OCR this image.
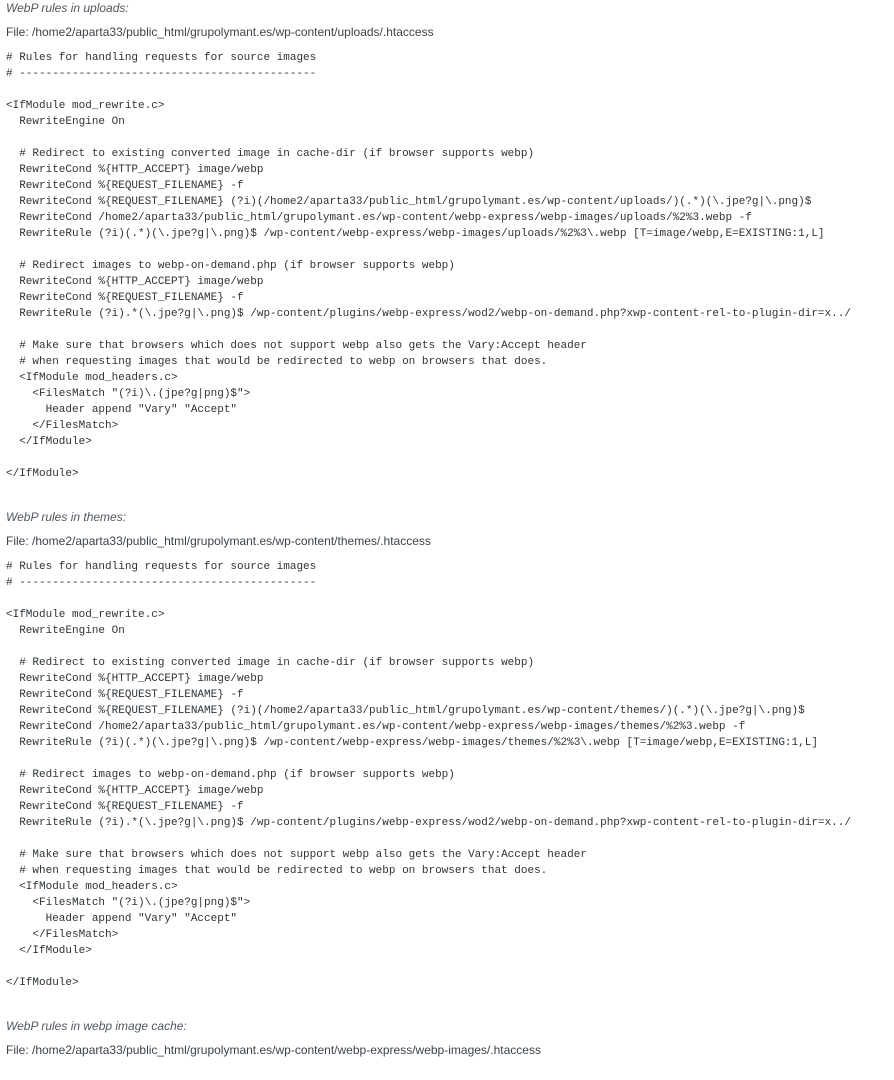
WebP rules in uploads:

File: /home2/aparta33/public_html/grupolymant.es/wp-content/uploads/.htaccess

# Rules for handling requests for source images
# ---------------------------------------------

<IfModule mod_rewrite.c>
RewriteEngine On

# Redirect to existing converted image in cache-dir (if browser supports webp)
RewriteCond %{HTTP_ACCEPT} image/webp
RewriteCond %{REQUEST_FILENAME} -f
RewriteCond %{REQUEST_FILENAME} (?i)(/home2/aparta33/public_html/grupolymant.es/wp-content/uploads/)(.*)(\.jpe?g|\.png)$
RewriteCond /home2/aparta33/public_html/grupolymant.es/wp-content/webp-express/webp-images/uploads/%2%3.webp -f
RewriteRule (?i)(.*)(\.jpe?g|\.png)$ /wp-content/webp-express/webp-images/uploads/%2%3\.webp [T=image/webp,E=EXISTING:1,L]

# Redirect images to webp-on-demand.php (if browser supports webp)
RewriteCond %{HTTP_ACCEPT} image/webp
RewriteCond %{REQUEST_FILENAME} -f
RewriteRule (?i).*(\.jpe?g|\.png)$ /wp-content/plugins/webp-express/wod2/webp-on-demand.php?xwp-content-rel-to-plugin-dir=x../

# Make sure that browsers which does not support webp also gets the Vary:Accept header
# when requesting images that would be redirected to webp on browsers that does.
<IfModule mod_headers.c>
<FilesMatch "(?i)\.(jpe?g|png)$">
Header append "Vary" "Accept"
</FilesMatch>
</IfModule>

</IfModule>

WebP rules in themes:

File: /home2/aparta33/public_html/grupolymant.es/wp-content/themes/.htaccess

# Rules for handling requests for source images
# ---------------------------------------------

<IfModule mod_rewrite.c>
RewriteEngine On

# Redirect to existing converted image in cache-dir (if browser supports webp)
RewriteCond %{HTTP_ACCEPT} image/webp
RewriteCond %{REQUEST_FILENAME} -f
RewriteCond %{REQUEST_FILENAME} (?i)(/home2/aparta33/public_html/grupolymant.es/wp-content/themes/)(.*)(\.jpe?g|\.png)$
RewriteCond /home2/aparta33/public_html/grupolymant.es/wp-content/webp-express/webp-images/themes/%2%3.webp -f
RewriteRule (?i)(.*)(\.jpe?g|\.png)$ /wp-content/webp-express/webp-images/themes/%2%3\.webp [T=image/webp,E=EXISTING:1,L]

# Redirect images to webp-on-demand.php (if browser supports webp)
RewriteCond %{HTTP_ACCEPT} image/webp
RewriteCond %{REQUEST_FILENAME} -f
RewriteRule (?i).*(\.jpe?g|\.png)$ /wp-content/plugins/webp-express/wod2/webp-on-demand.php?xwp-content-rel-to-plugin-dir=x../

# Make sure that browsers which does not support webp also gets the Vary:Accept header
# when requesting images that would be redirected to webp on browsers that does.
<IfModule mod_headers.c>
<FilesMatch "(?i)\.(jpe?g|png)$">
Header append "Vary" "Accept"
</FilesMatch>
</IfModule>

</IfModule>

WebP rules in webp image cache:

File: /home2/aparta33/public_html/grupolymant.es/wp-content/webp-express/webp-images/.htaccess
